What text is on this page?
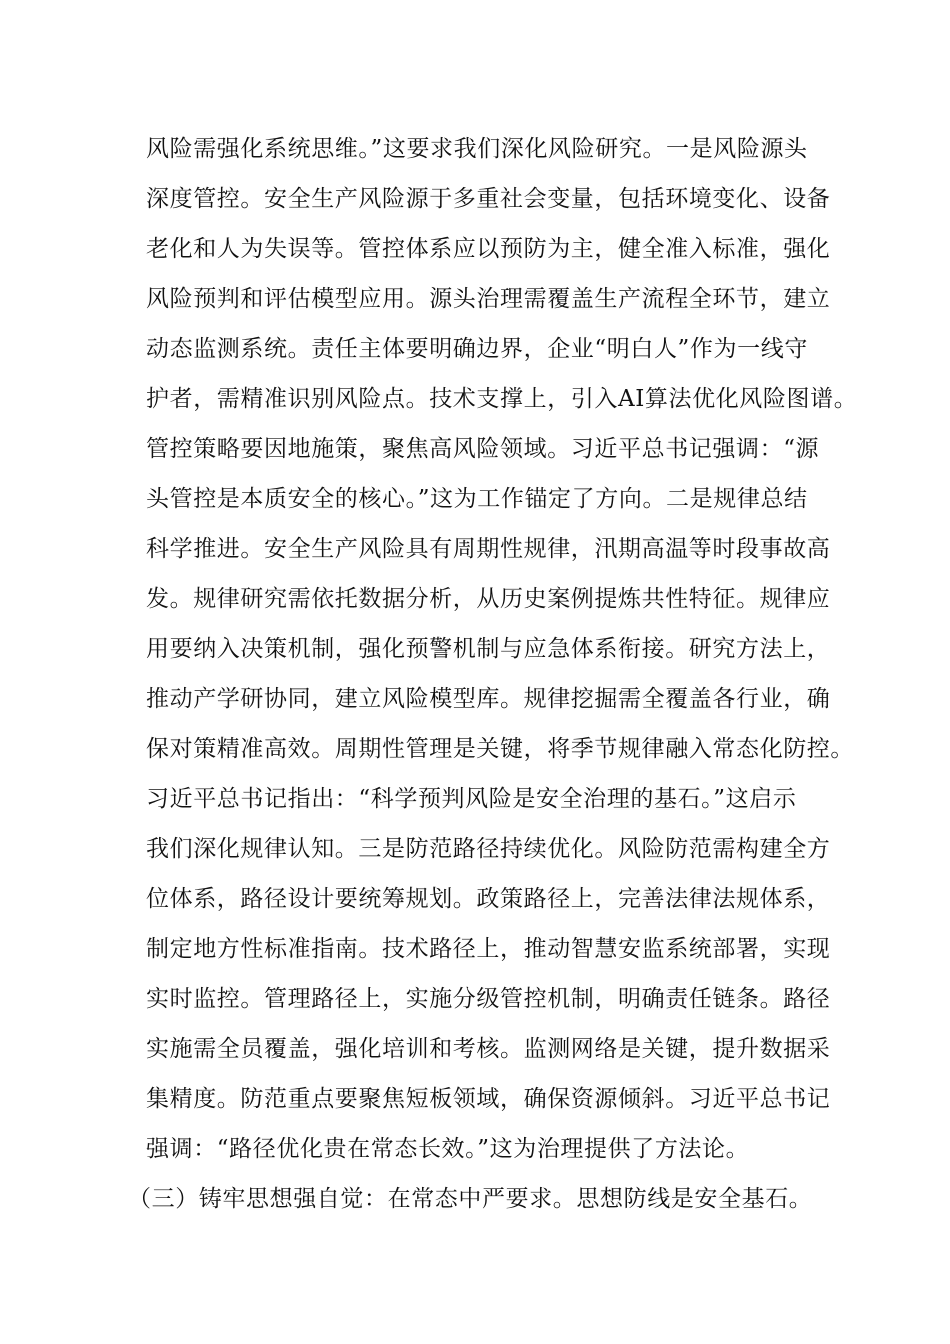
风险需强化系统思维。”这要求我们深化风险研究。一是风险源头
深度管控。安全生产风险源于多重社会变量，包括环境变化、设备
老化和人为失误等。管控体系应以预防为主，健全准入标准，强化
风险预判和评估模型应用。源头治理需覆盖生产流程全环节，建立
动态监测系统。责任主体要明确边界，企业“明白人”作为一线守
护者，需精准识别风险点。技术支撑上，引入AI算法优化风险图谱。
管控策略要因地施策，聚焦高风险领域。习近平总书记强调：“源
头管控是本质安全的核心。”这为工作锚定了方向。二是规律总结
科学推进。安全生产风险具有周期性规律，汛期高温等时段事故高
发。规律研究需依托数据分析，从历史案例提炼共性特征。规律应
用要纳入决策机制，强化预警机制与应急体系衔接。研究方法上，
推动产学研协同，建立风险模型库。规律挖掘需全覆盖各行业，确
保对策精准高效。周期性管理是关键，将季节规律融入常态化防控。
习近平总书记指出：“科学预判风险是安全治理的基石。”这启示
我们深化规律认知。三是防范路径持续优化。风险防范需构建全方
位体系，路径设计要统筹规划。政策路径上，完善法律法规体系，
制定地方性标准指南。技术路径上，推动智慧安监系统部署，实现
实时监控。管理路径上，实施分级管控机制，明确责任链条。路径
实施需全员覆盖，强化培训和考核。监测网络是关键，提升数据采
集精度。防范重点要聚焦短板领域，确保资源倾斜。习近平总书记
强调：“路径优化贵在常态长效。”这为治理提供了方法论。
（三）铸牢思想强自觉：在常态中严要求。思想防线是安全基石。
